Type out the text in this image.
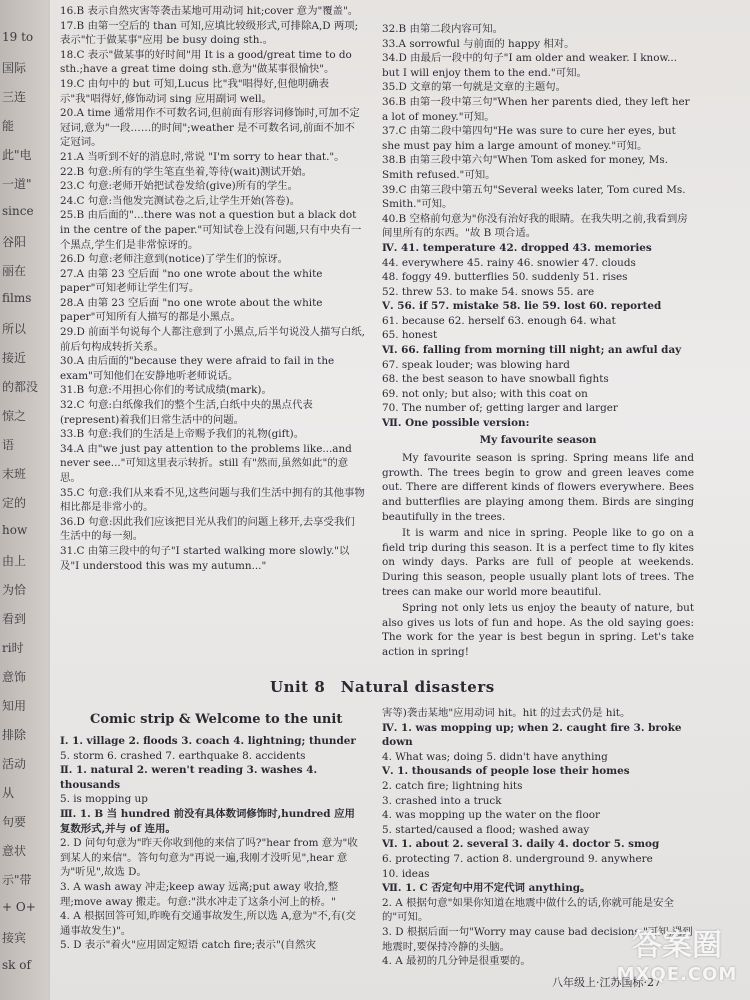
19 to
国际
三连
能
此"电
一道"
since
谷阳
丽在
films
所以
接近
的都没
惊之
语
末班
定的
how
由上
为恰
看到
ri时
意饰
知用
排除
活动
从
句要
意状
示"带
+ O+
接宾
sk of

16.B 表示自然灾害等袭击某地可用动词 hit;cover 意为"覆盖"。

17.B 由第一空后的 than 可知,应填比较级形式,可排除A,D 两项;表示"忙于做某事"应用 be busy doing sth.。

18.C 表示"做某事的好时间"用 It is a good/great time to do sth.;have a great time doing sth.意为"做某事很愉快"。

19.C 由句中的 but 可知,Lucus 比"我"唱得好,但他明确表示"我"唱得好,修饰动词 sing 应用副词 well。

20.A time 通常用作不可数名词,但前面有形容词修饰时,可加不定冠词,意为"一段……的时间";weather 是不可数名词,前面不加不定冠词。

21.A 当听到不好的消息时,常说 "I'm sorry to hear that."。

22.B 句意:所有的学生笔直坐着,等待(wait)测试开始。

23.C 句意:老师开始把试卷发给(give)所有的学生。

24.C 句意:当他发完测试卷之后,让学生开始(答卷)。

25.B 由后面的"...there was not a question but a black dot in the centre of the paper."可知试卷上没有问题,只有中央有一个黑点,学生们是非常惊讶的。

26.D 句意:老师注意到(notice)了学生们的惊讶。

27.A 由第 23 空后面 "no one wrote about the white paper"可知老师让学生们写。

28.A 由第 23 空后面 "no one wrote about the white paper"可知所有人描写的都是小黑点。

29.D 前面半句说每个人都注意到了小黑点,后半句说没人描写白纸,前后句构成转折关系。

30.A 由后面的"because they were afraid to fail in the exam"可知他们在安静地听老师说话。

31.B 句意:不用担心你们的考试成绩(mark)。

32.C 句意:白纸像我们的整个生活,白纸中央的黑点代表(represent)着我们日常生活中的问题。

33.B 句意:我们的生活是上帝赐予我们的礼物(gift)。

34.A 由"we just pay attention to the problems like...and never see..."可知这里表示转折。still 有"然而,虽然如此"的意思。

35.C 句意:我们从来看不见,这些问题与我们生活中拥有的其他事物相比都是非常小的。

36.D 句意:因此我们应该把目光从我们的问题上移开,去享受我们生活中的每一刻。

31.C 由第三段中的句子"I started walking more slowly."以及"I understood this was my autumn..."

32.B 由第二段内容可知。

33.A sorrowful 与前面的 happy 相对。

34.D 由最后一段中的句子"I am older and weaker. I know... but I will enjoy them to the end."可知。

35.D 文章的第一句就是文章的主题句。

36.B 由第一段中第三句"When her parents died, they left her a lot of money."可知。

37.C 由第二段中第四句"He was sure to cure her eyes, but she must pay him a large amount of money."可知。

38.B 由第三段中第六句"When Tom asked for money, Ms. Smith refused."可知。

39.C 由第三段中第五句"Several weeks later, Tom cured Ms. Smith."可知。

40.B 空格前句意为"你没有治好我的眼睛。在我失明之前,我看到房间里所有的东西。"故 B 项合适。

Ⅳ. 41. temperature 42. dropped 43. memories

44. everywhere 45. rainy 46. snowier 47. clouds

48. foggy 49. butterflies 50. suddenly 51. rises

52. threw 53. to make 54. snows 55. are

Ⅴ. 56. if 57. mistake 58. lie 59. lost 60. reported

61. because 62. herself 63. enough 64. what

65. honest

Ⅵ. 66. falling from morning till night; an awful day

67. speak louder; was blowing hard

68. the best season to have snowball fights

69. not only; but also; with this coat on

70. The number of; getting larger and larger

Ⅶ. One possible version:

My favourite season

My favourite season is spring. Spring means life and growth. The trees begin to grow and green leaves come out. There are different kinds of flowers everywhere. Bees and butterflies are playing among them. Birds are singing beautifully in the trees.

It is warm and nice in spring. People like to go on a field trip during this season. It is a perfect time to fly kites on windy days. Parks are full of people at weekends. During this season, people usually plant lots of trees. The trees can make our world more beautiful.

Spring not only lets us enjoy the beauty of nature, but also gives us lots of fun and hope. As the old saying goes: The work for the year is best begun in spring. Let's take action in spring!

Unit 8　Natural disasters
Comic strip & Welcome to the unit

Ⅰ. 1. village 2. floods 3. coach 4. lightning; thunder

5. storm 6. crashed 7. earthquake 8. accidents

Ⅱ. 1. natural 2. weren't reading 3. washes 4. thousands

5. is mopping up

Ⅲ. 1. B 当 hundred 前没有具体数词修饰时,hundred 应用复数形式,并与 of 连用。

2. D 问句句意为"昨天你收到他的来信了吗?"hear from 意为"收到某人的来信"。答句句意为"再说一遍,我刚才没听见",hear 意为"听见",故选 D。

3. A wash away 冲走;keep away 远离;put away 收拾,整理;move away 搬走。句意:"洪水冲走了这条小河上的桥。"

4. A 根据回答可知,昨晚有交通事故发生,所以选 A,意为"不,有(交通事故发生)"。

5. D 表示"着火"应用固定短语 catch fire;表示"(自然灾

害等)袭击某地"应用动词 hit。hit 的过去式仍是 hit。

Ⅳ. 1. was mopping up; when 2. caught fire 3. broke down

4. What was; doing 5. didn't have anything

Ⅴ. 1. thousands of people lose their homes

2. catch fire; lightning hits

3. crashed into a truck

4. was mopping up the water on the floor

5. started/caused a flood; washed away

Ⅵ. 1. about 2. several 3. daily 4. doctor 5. smog

6. protecting 7. action 8. underground 9. anywhere

10. ideas

Ⅶ. 1. C 否定句中用不定代词 anything。

2. A 根据句意"如果你知道在地震中做什么的话,你就可能是安全的"可知。

3. D 根据后面一句"Worry may cause bad decisions."可知,遇到地震时,要保持冷静的头脑。

4. A 最初的几分钟是很重要的。

八年级上·江苏国标·27
答案圈
MXQE.COM
